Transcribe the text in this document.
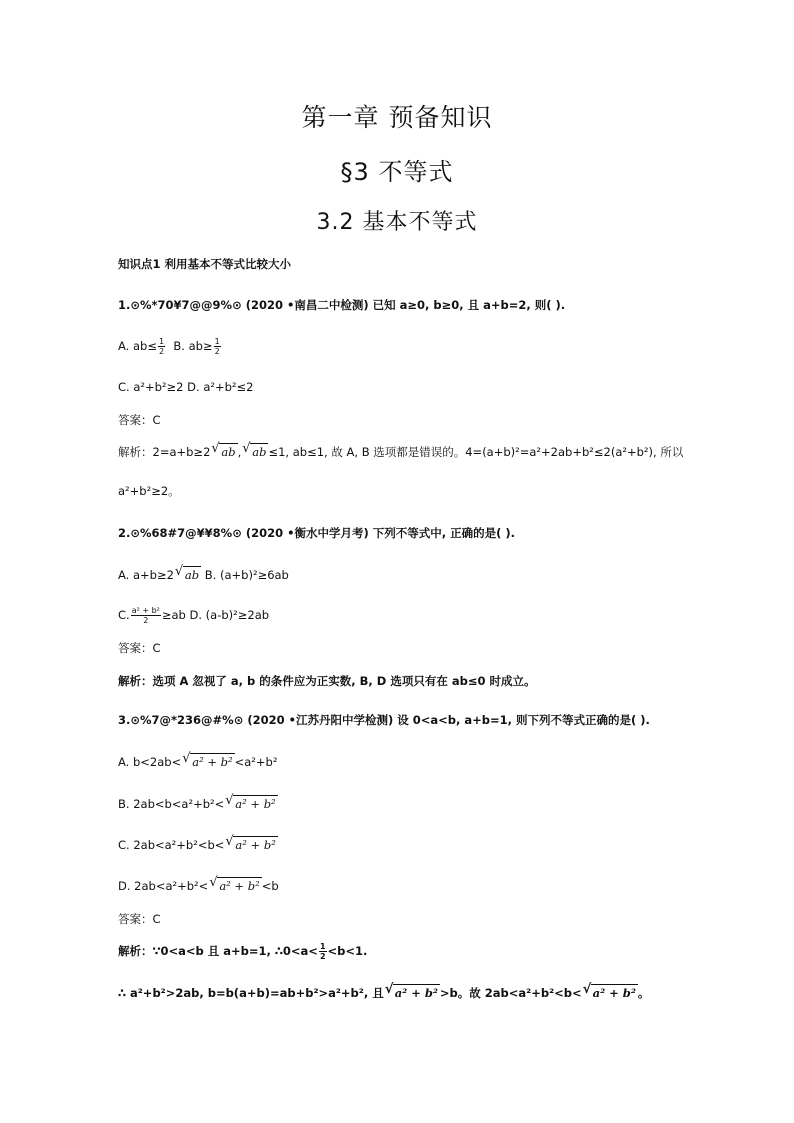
第一章 预备知识
§3 不等式
3.2 基本不等式
知识点1 利用基本不等式比较大小
1.⊙%*70¥7@@9%⊙ (2020 •南昌二中检测) 已知 a≥0, b≥0, 且 a+b=2, 则( ).
A. $ab\le \frac{1}{2} B$. $ab\ge \frac{1}{2}$
C. a²+b²≥2 D. a²+b²≤2
答案：C
解析：2=a+b≥2 √ ab , √ ab ≤1, ab≤1, 故 A, B 选项都是错误的。4=(a+b)²=a²+2ab+b²≤2(a²+b²), 所以
a²+b²≥2。
2.⊙%68#7@¥¥8%⊙ (2020 •衡水中学月考) 下列不等式中, 正确的是( ).
A. a+b≥2 √ ab B. (a+b)²≥6ab
C. $\frac{\text{a² + b²}}{2} \ge ab$ D. (a-b)²≥2ab
答案：C
解析：选项 A 忽视了 a, b 的条件应为正实数, B, D 选项只有在 ab≤0 时成立。
3.⊙%7@*236@#%⊙ (2020 •江苏丹阳中学检测) 设 0<a<b, a+b=1, 则下列不等式正确的是( ).
A. b<2ab< √ a² + b² <a²+b²
B. 2ab<b<a²+b²< √ a² + b²
C. 2ab<a²+b²<b< √ a² + b²
D. 2ab<a²+b²< √ a² + b² <b
答案：C
解析：∵0<a<b 且 a+b=1, ∴0<a< $\frac{1}{2} <b<1$.
∴ a²+b²>2ab, b=b(a+b)=ab+b²>a²+b², 且 √ a² + b² >b。故 2ab<a²+b²<b< √ a² + b² 。
